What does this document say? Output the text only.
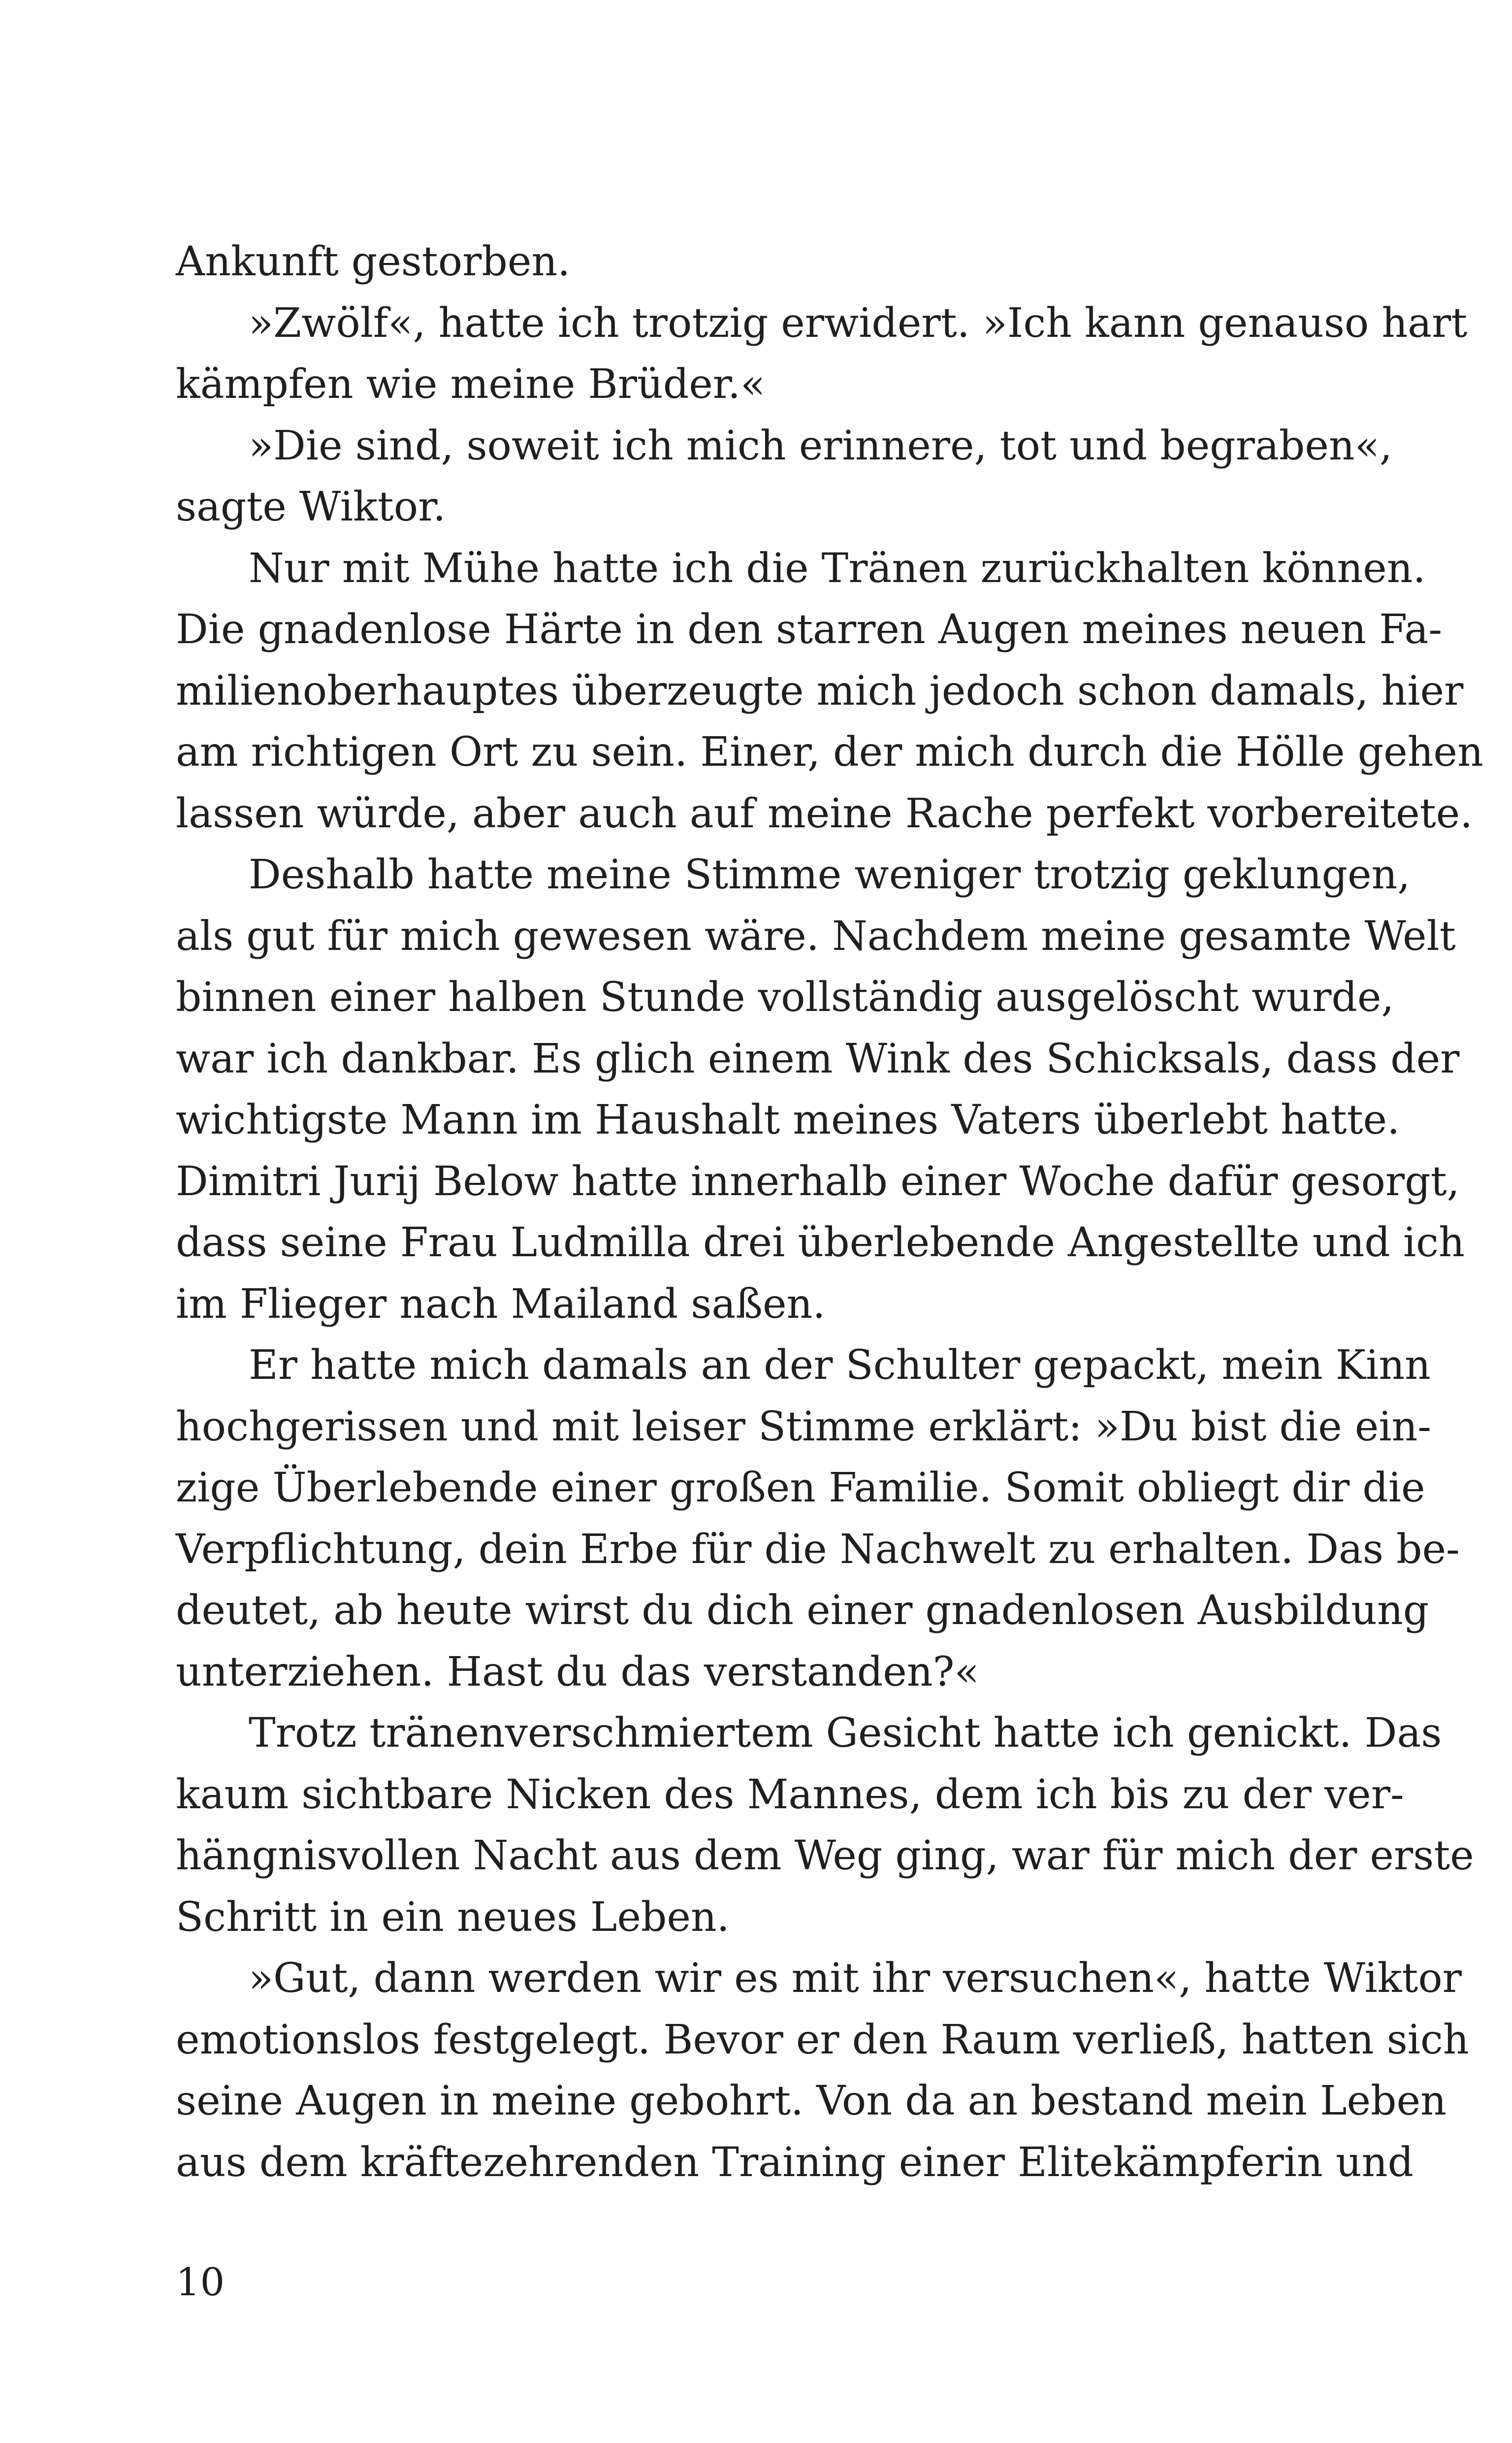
Ankunft gestorben.
»Zwölf«, hatte ich trotzig erwidert. »Ich kann genauso hart
kämpfen wie meine Brüder.«
»Die sind, soweit ich mich erinnere, tot und begraben«,
sagte Wiktor.
Nur mit Mühe hatte ich die Tränen zurückhalten können.
Die gnadenlose Härte in den starren Augen meines neuen Fa-
milienoberhauptes überzeugte mich jedoch schon damals, hier
am richtigen Ort zu sein. Einer, der mich durch die Hölle gehen
lassen würde, aber auch auf meine Rache perfekt vorbereitete.
Deshalb hatte meine Stimme weniger trotzig geklungen,
als gut für mich gewesen wäre. Nachdem meine gesamte Welt
binnen einer halben Stunde vollständig ausgelöscht wurde,
war ich dankbar. Es glich einem Wink des Schicksals, dass der
wichtigste Mann im Haushalt meines Vaters überlebt hatte.
Dimitri Jurij Below hatte innerhalb einer Woche dafür gesorgt,
dass seine Frau Ludmilla drei überlebende Angestellte und ich
im Flieger nach Mailand saßen.
Er hatte mich damals an der Schulter gepackt, mein Kinn
hochgerissen und mit leiser Stimme erklärt: »Du bist die ein-
zige Überlebende einer großen Familie. Somit obliegt dir die
Verpflichtung, dein Erbe für die Nachwelt zu erhalten. Das be-
deutet, ab heute wirst du dich einer gnadenlosen Ausbildung
unterziehen. Hast du das verstanden?«
Trotz tränenverschmiertem Gesicht hatte ich genickt. Das
kaum sichtbare Nicken des Mannes, dem ich bis zu der ver-
hängnisvollen Nacht aus dem Weg ging, war für mich der erste
Schritt in ein neues Leben.
»Gut, dann werden wir es mit ihr versuchen«, hatte Wiktor
emotionslos festgelegt. Bevor er den Raum verließ, hatten sich
seine Augen in meine gebohrt. Von da an bestand mein Leben
aus dem kräftezehrenden Training einer Elitekämpferin und
10
